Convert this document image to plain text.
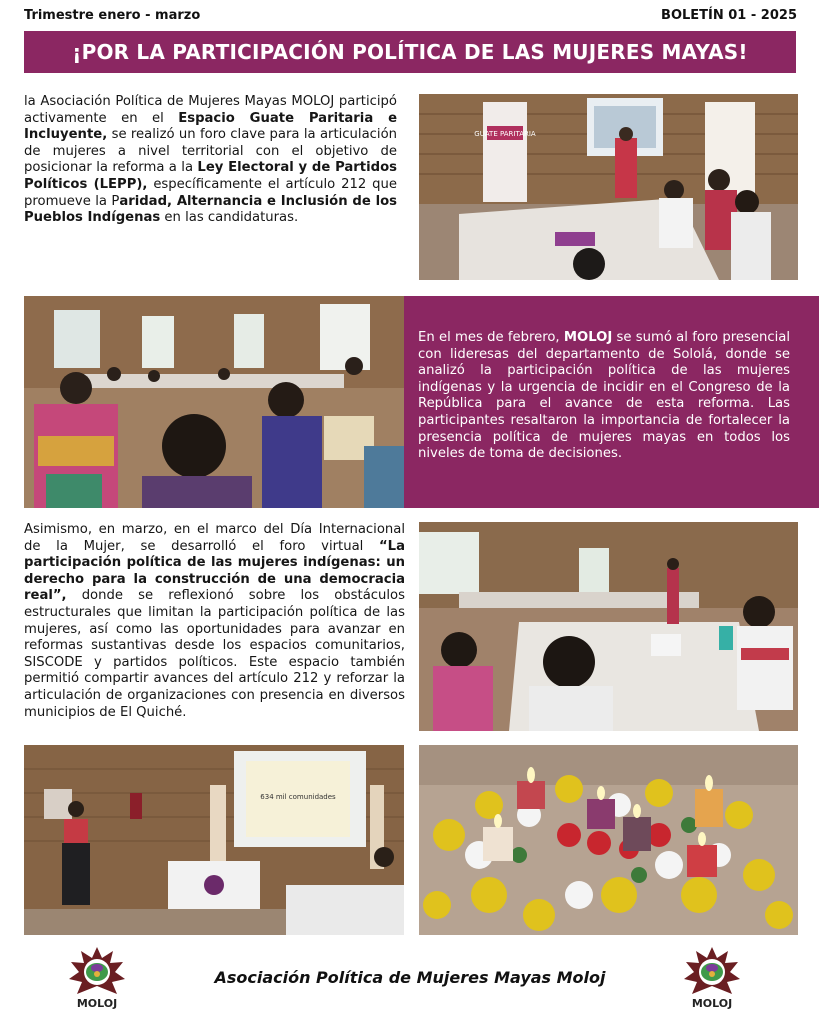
Trimestre enero - marzo	BOLETÍN 01 - 2025
¡POR LA PARTICIPACIÓN POLÍTICA DE LAS MUJERES MAYAS!
la Asociación Política de Mujeres Mayas MOLOJ participó activamente en el Espacio Guate Paritaria e Incluyente, se realizó un foro clave para la articulación de mujeres a nivel territorial con el objetivo de posicionar la reforma a la Ley Electoral y de Partidos Políticos (LEPP), específicamente el artículo 212 que promueve la Paridad, Alternancia e Inclusión de los Pueblos Indígenas en las candidaturas.
GUATE PARITARIA
En el mes de febrero, MOLOJ se sumó al foro presencial con lideresas del departamento de Sololá, donde se analizó la participación política de las mujeres indígenas y la urgencia de incidir en el Congreso de la República para el avance de esta reforma. Las participantes resaltaron la importancia de fortalecer la presencia política de mujeres mayas en todos los niveles de toma de decisiones.
Asimismo, en marzo, en el marco del Día Internacional de la Mujer, se desarrolló el foro virtual “La participación política de las mujeres indígenas: un derecho para la construcción de una democracia real”, donde se reflexionó sobre los obstáculos estructurales que limitan la participación política de las mujeres, así como las oportunidades para avanzar en reformas sustantivas desde los espacios comunitarios, SISCODE y partidos políticos. Este espacio también permitió compartir avances del artículo 212 y reforzar la articulación de organizaciones con presencia en diversos municipios de El Quiché.
634 mil comunidades
MOLOJ
Asociación Política de Mujeres Mayas Moloj
MOLOJ
